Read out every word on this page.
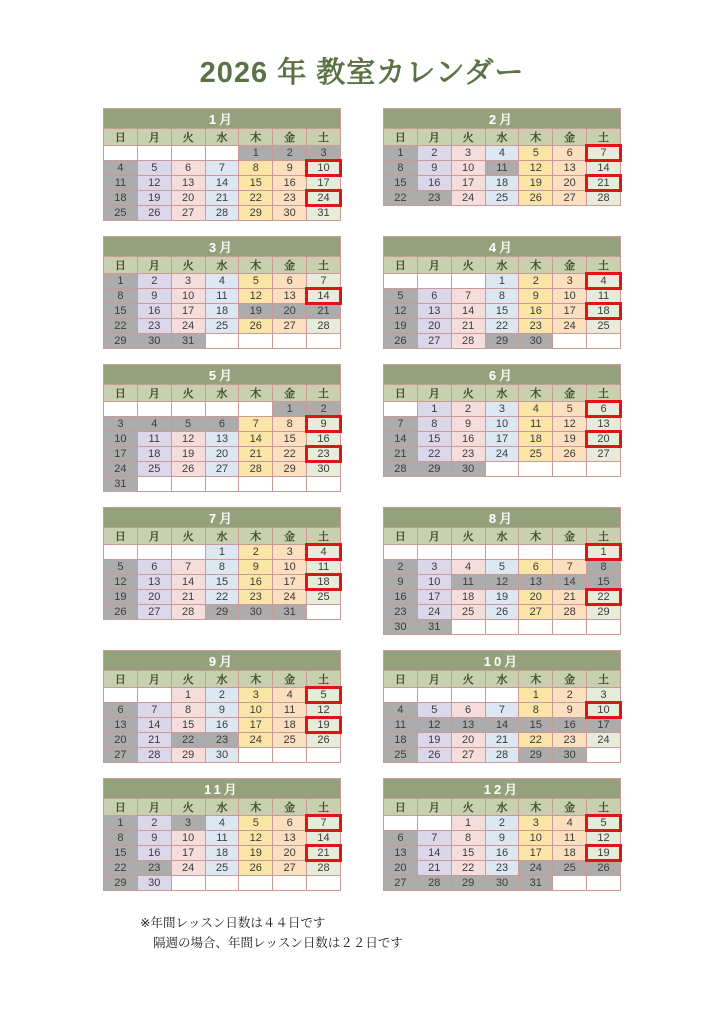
2026 年 教室カレンダー
1月						
日	月	火	水	木	金	土
				1	2	3
4	5	6	7	8	9	10
11	12	13	14	15	16	17
18	19	20	21	22	23	24
25	26	27	28	29	30	31
2月						
日	月	火	水	木	金	土
1	2	3	4	5	6	7
8	9	10	11	12	13	14
15	16	17	18	19	20	21
22	23	24	25	26	27	28
3月						
日	月	火	水	木	金	土
1	2	3	4	5	6	7
8	9	10	11	12	13	14
15	16	17	18	19	20	21
22	23	24	25	26	27	28
29	30	31				
4月						
日	月	火	水	木	金	土
			1	2	3	4
5	6	7	8	9	10	11
12	13	14	15	16	17	18
19	20	21	22	23	24	25
26	27	28	29	30		
5月						
日	月	火	水	木	金	土
					1	2
3	4	5	6	7	8	9
10	11	12	13	14	15	16
17	18	19	20	21	22	23
24	25	26	27	28	29	30
31						
6月						
日	月	火	水	木	金	土
	1	2	3	4	5	6
7	8	9	10	11	12	13
14	15	16	17	18	19	20
21	22	23	24	25	26	27
28	29	30				
7月						
日	月	火	水	木	金	土
			1	2	3	4
5	6	7	8	9	10	11
12	13	14	15	16	17	18
19	20	21	22	23	24	25
26	27	28	29	30	31	
8月						
日	月	火	水	木	金	土
						1
2	3	4	5	6	7	8
9	10	11	12	13	14	15
16	17	18	19	20	21	22
23	24	25	26	27	28	29
30	31					
9月						
日	月	火	水	木	金	土
		1	2	3	4	5
6	7	8	9	10	11	12
13	14	15	16	17	18	19
20	21	22	23	24	25	26
27	28	29	30			
10月						
日	月	火	水	木	金	土
				1	2	3
4	5	6	7	8	9	10
11	12	13	14	15	16	17
18	19	20	21	22	23	24
25	26	27	28	29	30	
11月						
日	月	火	水	木	金	土
1	2	3	4	5	6	7
8	9	10	11	12	13	14
15	16	17	18	19	20	21
22	23	24	25	26	27	28
29	30					
12月						
日	月	火	水	木	金	土
		1	2	3	4	5
6	7	8	9	10	11	12
13	14	15	16	17	18	19
20	21	22	23	24	25	26
27	28	29	30	31		
※年間レッスン日数は４４日です
隔週の場合、年間レッスン日数は２２日です
